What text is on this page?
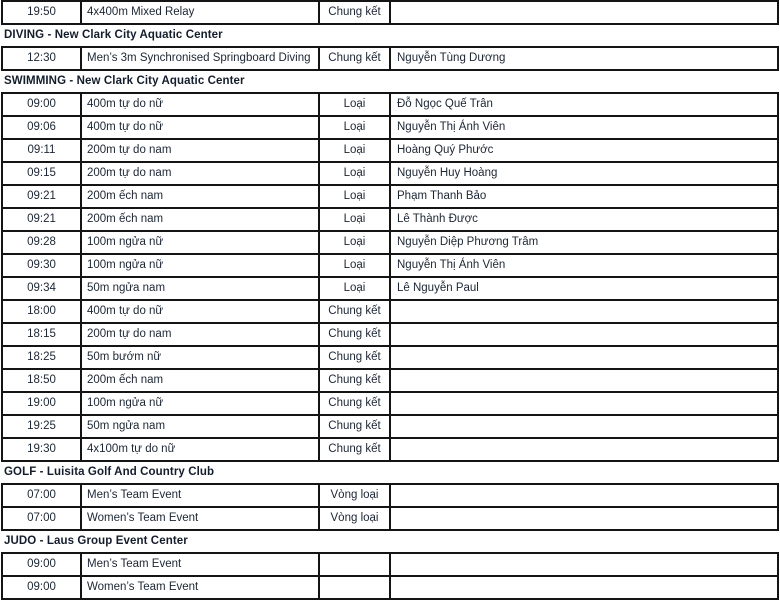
19:50	4x400m Mixed Relay	Chung kết
DIVING - New Clark City Aquatic Center
12:30	Men’s 3m Synchronised Springboard Diving	Chung kết	Nguyễn Tùng Dương
SWIMMING - New Clark City Aquatic Center
09:00	400m tự do nữ	Loại	Đỗ Ngọc Quế Trân
09:06	400m tự do nữ	Loại	Nguyễn Thị Ánh Viên
09:11	200m tự do nam	Loại	Hoàng Quý Phước
09:15	200m tự do nam	Loại	Nguyễn Huy Hoàng
09:21	200m ếch nam	Loại	Phạm Thanh Bảo
09:21	200m ếch nam	Loại	Lê Thành Được
09:28	100m ngửa nữ	Loại	Nguyễn Diệp Phương Trâm
09:30	100m ngửa nữ	Loại	Nguyễn Thị Ánh Viên
09:34	50m ngửa nam	Loại	Lê Nguyễn Paul
18:00	400m tự do nữ	Chung kết
18:15	200m tự do nam	Chung kết
18:25	50m bướm nữ	Chung kết
18:50	200m ếch nam	Chung kết
19:00	100m ngửa nữ	Chung kết
19:25	50m ngửa nam	Chung kết
19:30	4x100m tự do nữ	Chung kết
GOLF - Luisita Golf And Country Club
07:00	Men’s Team Event	Vòng loại
07:00	Women’s Team Event	Vòng loại
JUDO - Laus Group Event Center
09:00	Men’s Team Event
09:00	Women’s Team Event
